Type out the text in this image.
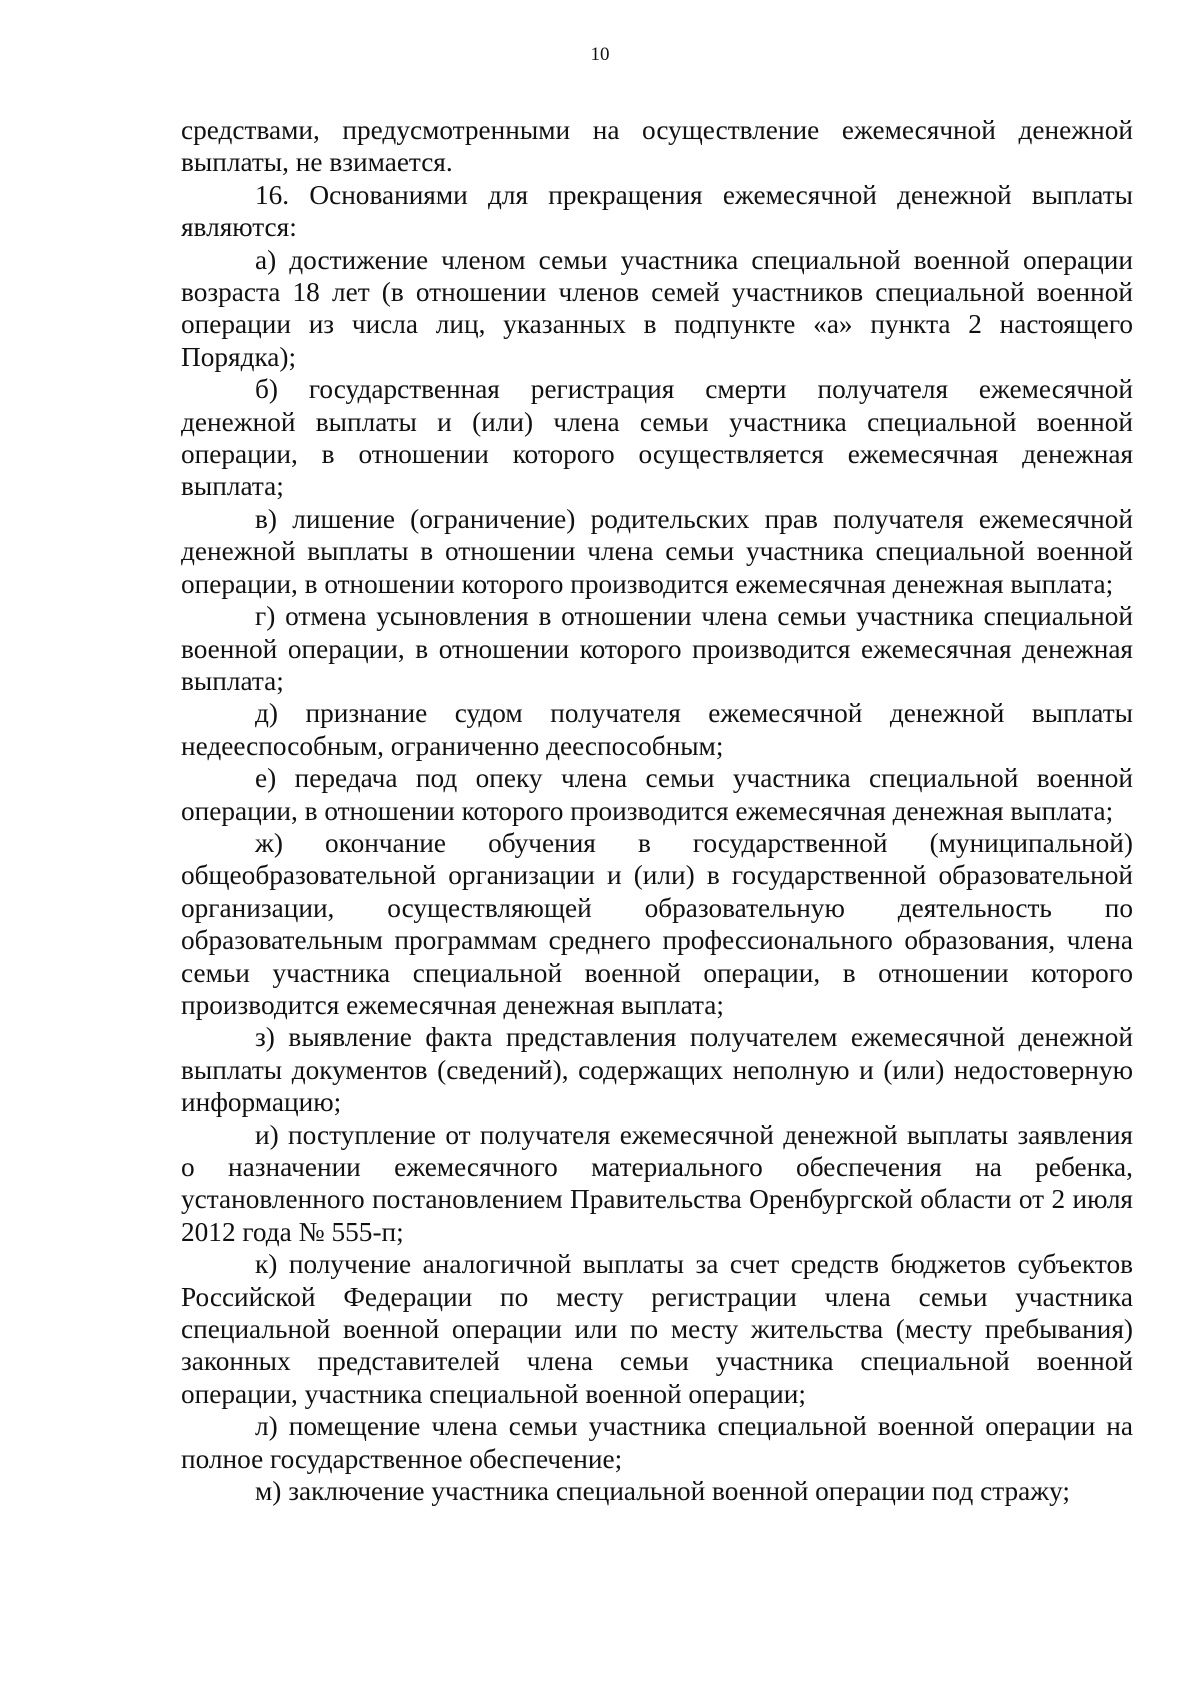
10

средствами, предусмотренными на осуществление ежемесячной денежной выплаты, не взимается.

16. Основаниями для прекращения ежемесячной денежной выплаты являются:

а) достижение членом семьи участника специальной военной операции возраста 18 лет (в отношении членов семей участников специальной военной операции из числа лиц, указанных в подпункте «а» пункта 2 настоящего Порядка);

б) государственная регистрация смерти получателя ежемесячной денежной выплаты и (или) члена семьи участника специальной военной операции, в отношении которого осуществляется ежемесячная денежная выплата;

в) лишение (ограничение) родительских прав получателя ежемесячной денежной выплаты в отношении члена семьи участника специальной военной операции, в отношении которого производится ежемесячная денежная выплата;

г) отмена усыновления в отношении члена семьи участника специальной военной операции, в отношении которого производится ежемесячная денежная выплата;

д) признание судом получателя ежемесячной денежной выплаты недееспособным, ограниченно дееспособным;

е) передача под опеку члена семьи участника специальной военной операции, в отношении которого производится ежемесячная денежная выплата;

ж) окончание обучения в государственной (муниципальной) общеобразовательной организации и (или) в государственной образовательной организации, осуществляющей образовательную деятельность по образовательным программам среднего профессионального образования, члена семьи участника специальной военной операции, в отношении которого производится ежемесячная денежная выплата;

з) выявление факта представления получателем ежемесячной денежной выплаты документов (сведений), содержащих неполную и (или) недостоверную информацию;

и) поступление от получателя ежемесячной денежной выплаты заявления о назначении ежемесячного материального обеспечения на ребенка, установленного постановлением Правительства Оренбургской области от 2 июля 2012 года № 555-п;

к) получение аналогичной выплаты за счет средств бюджетов субъектов Российской Федерации по месту регистрации члена семьи участника специальной военной операции или по месту жительства (месту пребывания) законных представителей члена семьи участника специальной военной операции, участника специальной военной операции;

л) помещение члена семьи участника специальной военной операции на полное государственное обеспечение;

м) заключение участника специальной военной операции под стражу;
